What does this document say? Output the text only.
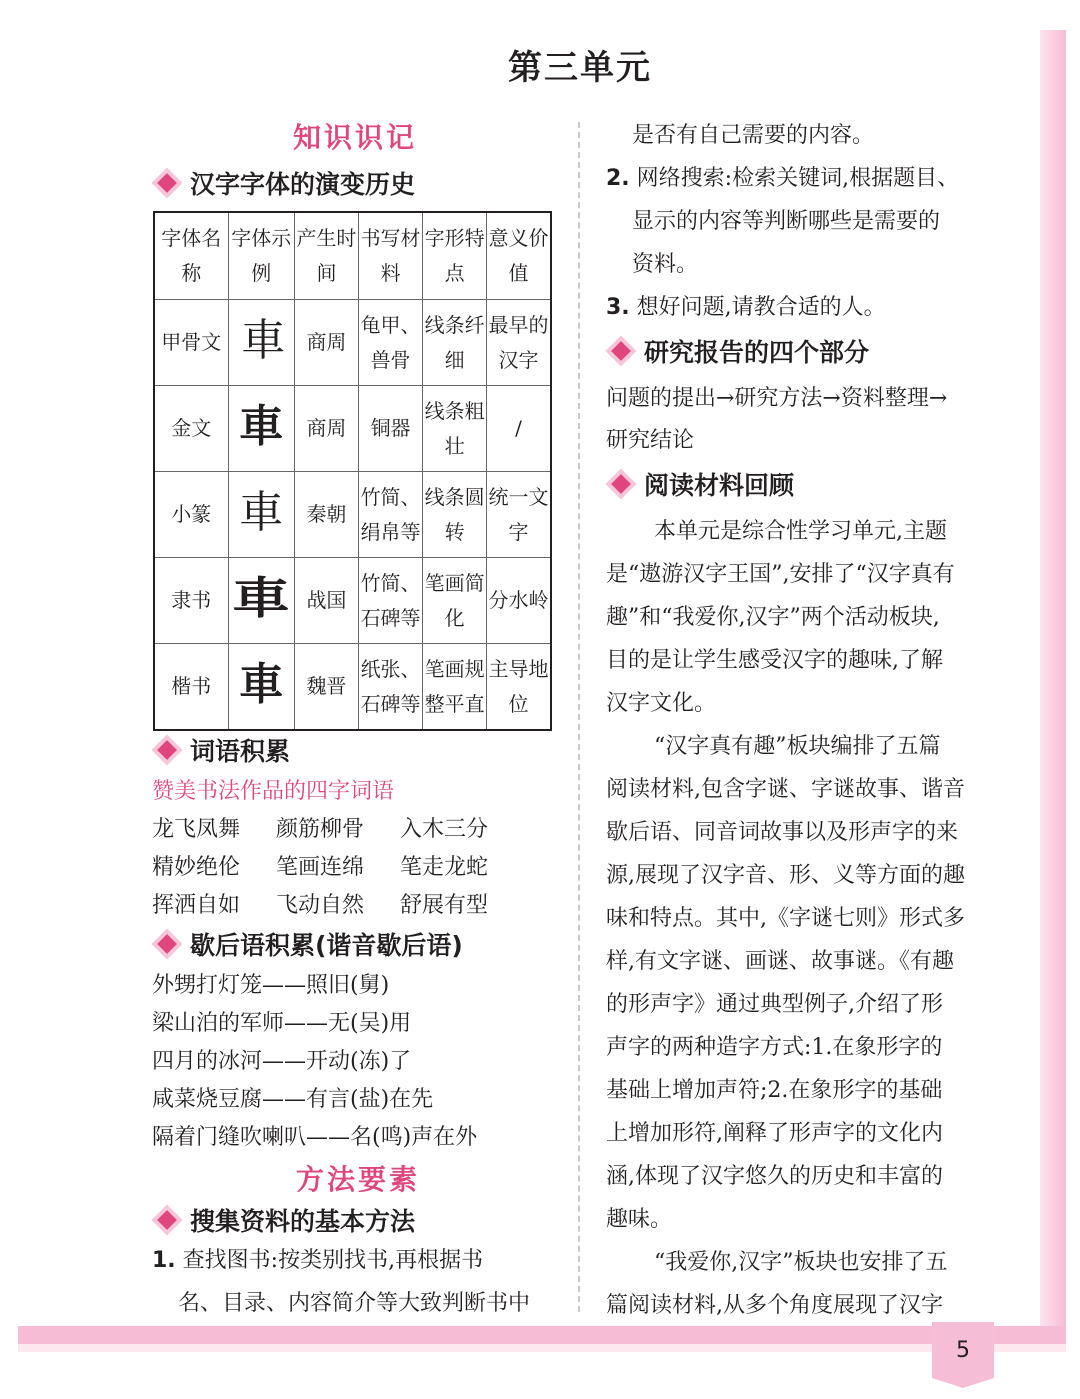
第三单元
知识识记
汉字字体的演变历史
字体名称	字体示例	产生时间	书写材料	字形特点	意义价值
甲骨文	車	商周	龟甲、兽骨	线条纤细	最早的汉字
金文	車	商周	铜器	线条粗壮	/
小篆	車	秦朝	竹简、绢帛等	线条圆转	统一文字
隶书	車	战国	竹简、石碑等	笔画简化	分水岭
楷书	車	魏晋	纸张、石碑等	笔画规整平直	主导地位
词语积累
赞美书法作品的四字词语
龙飞凤舞 颜筋柳骨 入木三分
精妙绝伦 笔画连绵 笔走龙蛇
挥洒自如 飞动自然 舒展有型
歇后语积累(谐音歇后语)
外甥打灯笼——照旧(舅)
梁山泊的军师——无(吴)用
四月的冰河——开动(冻)了
咸菜烧豆腐——有言(盐)在先
隔着门缝吹喇叭——名(鸣)声在外
方法要素
搜集资料的基本方法
1. 查找图书:按类别找书,再根据书
名、目录、内容简介等大致判断书中
是否有自己需要的内容。
2. 网络搜索:检索关键词,根据题目、
显示的内容等判断哪些是需要的
资料。
3. 想好问题,请教合适的人。
研究报告的四个部分
问题的提出→研究方法→资料整理→
研究结论
阅读材料回顾
本单元是综合性学习单元,主题
是“遨游汉字王国”,安排了“汉字真有
趣”和“我爱你,汉字”两个活动板块,
目的是让学生感受汉字的趣味,了解
汉字文化。
“汉字真有趣”板块编排了五篇
阅读材料,包含字谜、字谜故事、谐音
歇后语、同音词故事以及形声字的来
源,展现了汉字音、形、义等方面的趣
味和特点。其中,《字谜七则》形式多
样,有文字谜、画谜、故事谜。《有趣
的形声字》通过典型例子,介绍了形
声字的两种造字方式:1.在象形字的
基础上增加声符;2.在象形字的基础
上增加形符,阐释了形声字的文化内
涵,体现了汉字悠久的历史和丰富的
趣味。
“我爱你,汉字”板块也安排了五
篇阅读材料,从多个角度展现了汉字
5
